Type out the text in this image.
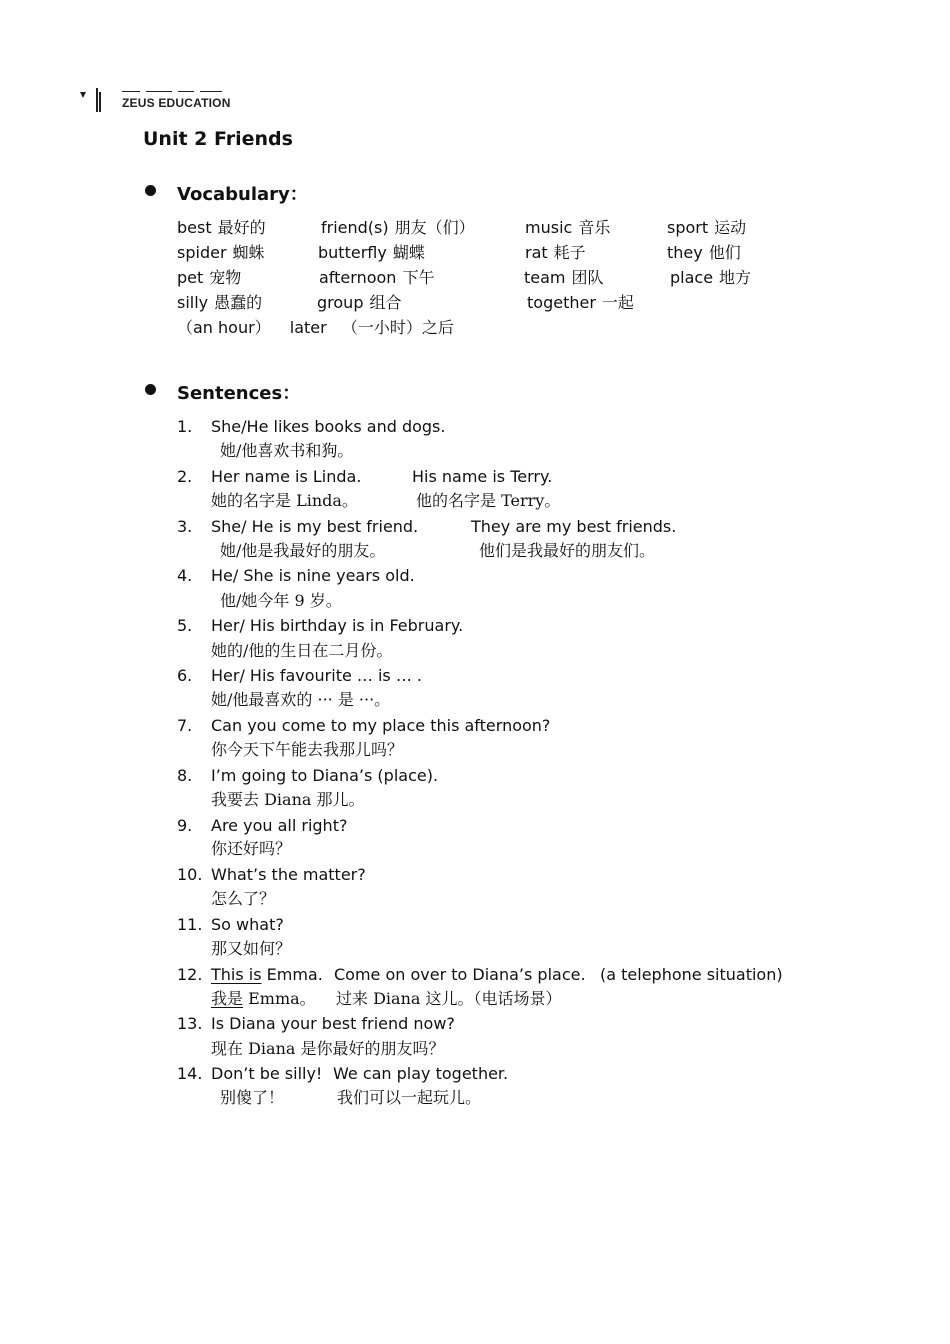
ZEUS EDUCATION
Unit 2 Friends
Vocabulary：
best 最好的	friend(s) 朋友（们）	music 音乐	sport 运动
spider 蜘蛛	butterfly 蝴蝶	rat 耗子	they 他们
pet 宠物	afternoon 下午	team 团队	place 地方
silly 愚蠢的	group 组合	together 一起
（an hour） later （一小时）之后
Sentences：
1. She/He likes books and dogs.
她/他喜欢书和狗。
2. Her name is Linda.	His name is Terry.
她的名字是 Linda。	他的名字是 Terry。
3. She/ He is my best friend.	They are my best friends.
她/他是我最好的朋友。	他们是我最好的朋友们。
4. He/ She is nine years old.
他/她今年 9 岁。
5. Her/ His birthday is in February.
她的/他的生日在二月份。
6. Her/ His favourite … is … .
她/他最喜欢的 ··· 是 ···。
7. Can you come to my place this afternoon?
你今天下午能去我那儿吗？
8. I’m going to Diana’s (place).
我要去 Diana 那儿。
9. Are you all right?
你还好吗？
10. What’s the matter?
怎么了？
11. So what?
那又如何？
12. This is Emma. Come on over to Diana’s place. (a telephone situation)
我是 Emma。 过来 Diana 这儿。（电话场景）
13. Is Diana your best friend now?
现在 Diana 是你最好的朋友吗？
14. Don’t be silly! We can play together.
别傻了！	我们可以一起玩儿。
